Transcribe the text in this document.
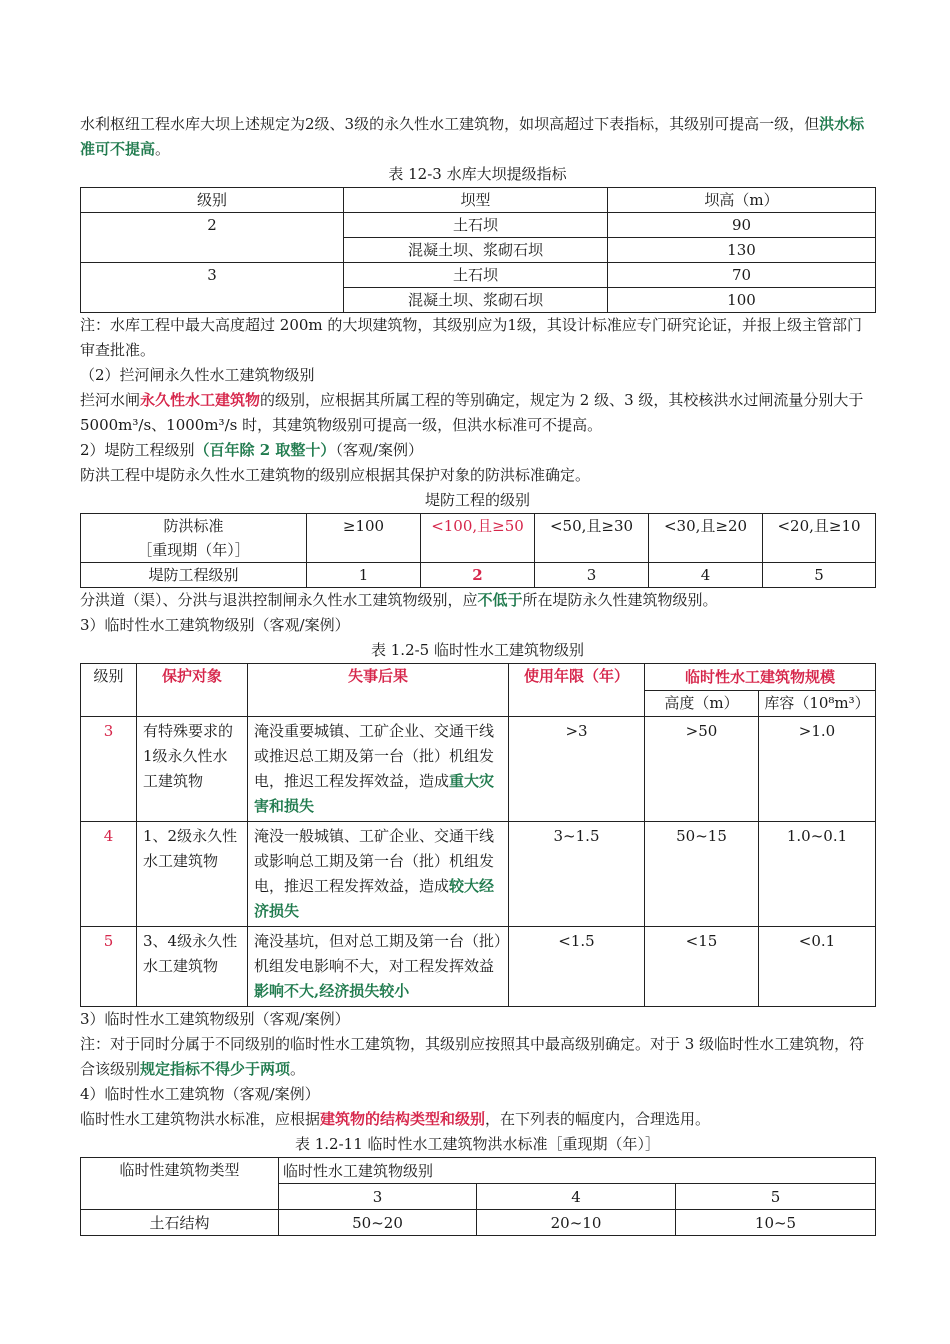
水利枢纽工程水库大坝上述规定为2级、3级的永久性水工建筑物，如坝高超过下表指标，其级别可提高一级，但洪水标准可不提高。

表 12-3 水库大坝提级指标

级别	坝型	坝高（m）
2	土石坝	90
	混凝土坝、浆砌石坝	130
3	土石坝	70
	混凝土坝、浆砌石坝	100

注：水库工程中最大高度超过 200m 的大坝建筑物，其级别应为1级，其设计标准应专门研究论证，并报上级主管部门审查批准。

（2）拦河闸永久性水工建筑物级别

拦河水闸永久性水工建筑物的级别，应根据其所属工程的等别确定，规定为 2 级、3 级，其校核洪水过闸流量分别大于 5000m³/s、1000m³/s 时，其建筑物级别可提高一级，但洪水标准可不提高。

2）堤防工程级别（百年除 2 取整十）（客观/案例）

防洪工程中堤防永久性水工建筑物的级别应根据其保护对象的防洪标准确定。

堤防工程的级别

防洪标准
［重现期（年）］	≥100	<100,且≥50	<50,且≥30	<30,且≥20	<20,且≥10
堤防工程级别	1	2	3	4	5

分洪道（渠）、分洪与退洪控制闸永久性水工建筑物级别，应不低于所在堤防永久性建筑物级别。

3）临时性水工建筑物级别（客观/案例）

表 1.2-5 临时性水工建筑物级别

级别	保护对象	失事后果	使用年限（年）	临时性水工建筑物规模	
				高度（m）	库容（10⁸m³）
3	有特殊要求的1级永久性水工建筑物	淹没重要城镇、工矿企业、交通干线或推迟总工期及第一台（批）机组发电，推迟工程发挥效益，造成重大灾害和损失	>3	>50	>1.0
4	1、2级永久性水工建筑物	淹没一般城镇、工矿企业、交通干线或影响总工期及第一台（批）机组发电，推迟工程发挥效益，造成较大经济损失	3~1.5	50~15	1.0~0.1
5	3、4级永久性水工建筑物	淹没基坑，但对总工期及第一台（批）机组发电影响不大，对工程发挥效益影响不大,经济损失较小	<1.5	<15	<0.1

3）临时性水工建筑物级别（客观/案例）

注：对于同时分属于不同级别的临时性水工建筑物，其级别应按照其中最高级别确定。对于 3 级临时性水工建筑物，符合该级别规定指标不得少于两项。

4）临时性水工建筑物（客观/案例）

临时性水工建筑物洪水标准，应根据建筑物的结构类型和级别，在下列表的幅度内，合理选用。

表 1.2-11 临时性水工建筑物洪水标准［重现期（年）］

临时性建筑物类型	临时性水工建筑物级别		
	3	4	5
土石结构	50~20	20~10	10~5
